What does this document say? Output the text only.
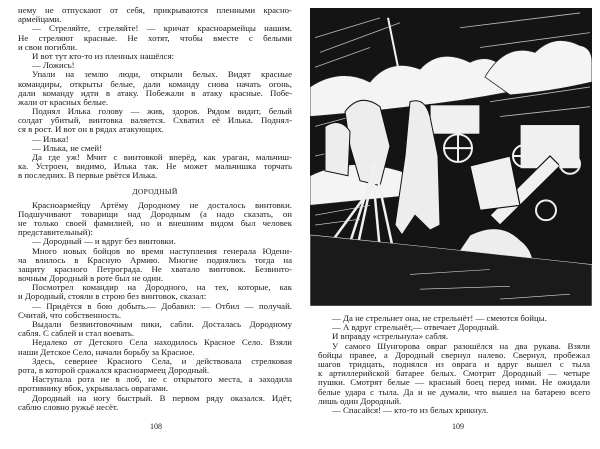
нему не отпускают от себя, прикрываются пленными красно-
армейцами.
— Стреляйте, стреляйте! — кричат красноармейцы нашим.
Не стреляют красные. Не хотят, чтобы вместе с белыми
и свои погибли.
И вот тут кто-то из пленных нашёлся:
— Ложись!
Упали на землю люди, открыли белых. Видят красные
командиры, открыты белые, дали команду снова начать огонь,
дали команду идти в атаку. Побежали в атаку красные. Побе-
жали от красных белые.
Поднял Илька голову — жив, здоров. Рядом видит, белый
солдат убитый, винтовка валяется. Схватил её Илька. Поднял-
ся в рост. И вот он в рядах атакующих.
— Илька!
— Илька, не смей!
Да где уж! Мчит с винтовкой вперёд, как ураган, мальчиш-
ка. Устроен, видимо, Илька так. Не может мальчишка торчать
в последних. В первые рвётся Илька.
ДОРОДНЫЙ
Красноармейцу Артёму Дородному не досталось винтовки.
Подшучивают товарищи над Дородным (а надо сказать, он
не только своей фамилией, но и внешним видом был человек
представительный):
— Дородный — и вдруг без винтовки.
Много новых бойцов во время наступления генерала Юдени-
ча влилось в Красную Армию. Многие поднялись тогда на
защиту красного Петрограда. Не хватало винтовок. Безвинто-
вочным Дородный в роте был не один.
Посмотрел командир на Дородного, на тех, которые, как
и Дородный, стояли в строю без винтовок, сказал:
— Придётся в бою добыть.— Добавил: — Отбил — получай.
Считай, что собственность.
Выдали безвинтовочным пики, сабли. Досталась Дородному
сабля. С саблей и стал воевать.
Недалеко от Детского Села находилось Красное Село. Взяли
наши Детское Село, начали борьбу за Красное.
Здесь, севернее Красного Села, и действовала стрелковая
рота, в которой сражался красноармеец Дородный.
Наступала рота не в лоб, не с открытого места, а заходила
противнику вбок, укрывалась оврагами.
Дородный на ногу быстрый. В первом ряду оказался. Идёт,
саблю словно ружьё несёт.
108
— Да не стрельнет она, не стрельнёт! — смеются бойцы.
— А вдруг стрельнёт,— отвечает Дородный.
И вправду «стрельнула» сабля.
У самого Шунгорова овраг разошёлся на два рукава. Взяли
бойцы правее, а Дородный свернул налево. Свернул, пробежал
шагов тридцать, поднялся из оврага и вдруг вышел с тыла
к артиллерийской батарее белых. Смотрит Дородный — четыре
пушки. Смотрят белые — красный боец перед ними. Не ожидали
белые удара с тыла. Да и не думали, что вышел на батарею всего
лишь один Дородный.
— Спасайся! — кто-то из белых крикнул.
109
